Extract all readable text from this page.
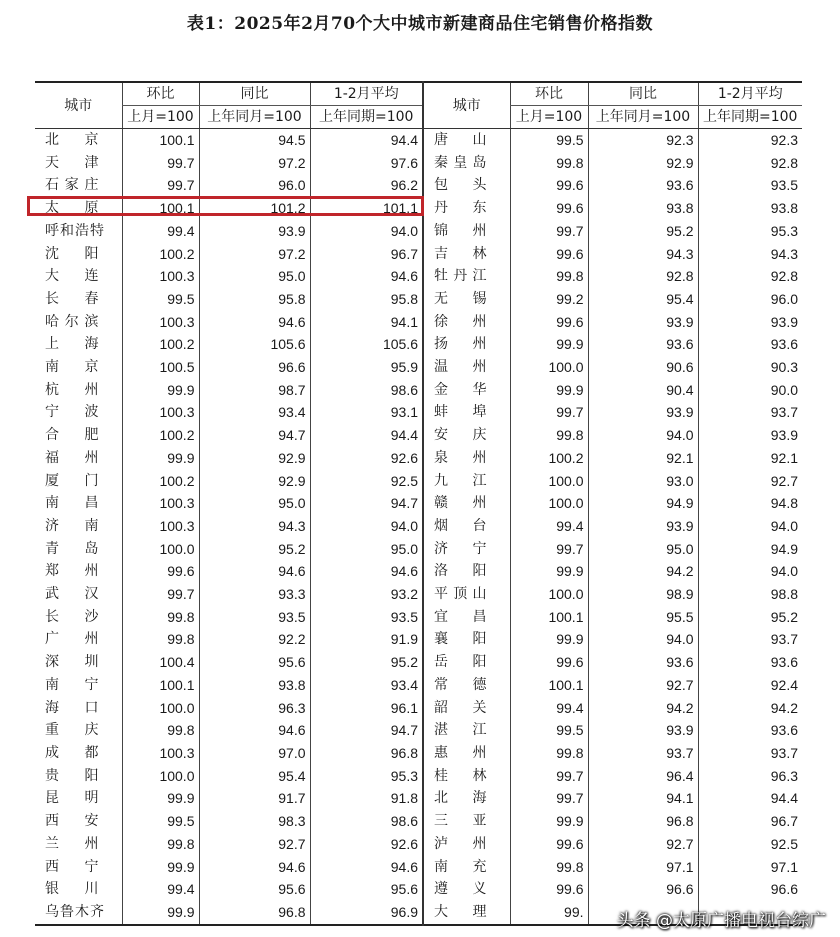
表1：2025年2月70个大中城市新建商品住宅销售价格指数
城市	环比	同比	1-2月平均	城市	环比	同比	1-2月平均
	上月=100	上年同月=100	上年同期=100		上月=100	上年同月=100	上年同期=100
北京	100.1	94.5	94.4	唐山	99.5	92.3	92.3
天津	99.7	97.2	97.6	秦皇岛	99.8	92.9	92.8
石家庄	99.7	96.0	96.2	包头	99.6	93.6	93.5
太原	100.1	101.2	101.1	丹东	99.6	93.8	93.8
呼和浩特	99.4	93.9	94.0	锦州	99.7	95.2	95.3
沈阳	100.2	97.2	96.7	吉林	99.6	94.3	94.3
大连	100.3	95.0	94.6	牡丹江	99.8	92.8	92.8
长春	99.5	95.8	95.8	无锡	99.2	95.4	96.0
哈尔滨	100.3	94.6	94.1	徐州	99.6	93.9	93.9
上海	100.2	105.6	105.6	扬州	99.9	93.6	93.6
南京	100.5	96.6	95.9	温州	100.0	90.6	90.3
杭州	99.9	98.7	98.6	金华	99.9	90.4	90.0
宁波	100.3	93.4	93.1	蚌埠	99.7	93.9	93.7
合肥	100.2	94.7	94.4	安庆	99.8	94.0	93.9
福州	99.9	92.9	92.6	泉州	100.2	92.1	92.1
厦门	100.2	92.9	92.5	九江	100.0	93.0	92.7
南昌	100.3	95.0	94.7	赣州	100.0	94.9	94.8
济南	100.3	94.3	94.0	烟台	99.4	93.9	94.0
青岛	100.0	95.2	95.0	济宁	99.7	95.0	94.9
郑州	99.6	94.6	94.6	洛阳	99.9	94.2	94.0
武汉	99.7	93.3	93.2	平顶山	100.0	98.9	98.8
长沙	99.8	93.5	93.5	宜昌	100.1	95.5	95.2
广州	99.8	92.2	91.9	襄阳	99.9	94.0	93.7
深圳	100.4	95.6	95.2	岳阳	99.6	93.6	93.6
南宁	100.1	93.8	93.4	常德	100.1	92.7	92.4
海口	100.0	96.3	96.1	韶关	99.4	94.2	94.2
重庆	99.8	94.6	94.7	湛江	99.5	93.9	93.6
成都	100.3	97.0	96.8	惠州	99.8	93.7	93.7
贵阳	100.0	95.4	95.3	桂林	99.7	96.4	96.3
昆明	99.9	91.7	91.8	北海	99.7	94.1	94.4
西安	99.5	98.3	98.6	三亚	99.9	96.8	96.7
兰州	99.8	92.7	92.6	泸州	99.6	92.7	92.5
西宁	99.9	94.6	94.6	南充	99.8	97.1	97.1
银川	99.4	95.6	95.6	遵义	99.6	96.6	96.6
乌鲁木齐	99.9	96.8	96.9	大理	99.		头条 @太原广播电视台综广
